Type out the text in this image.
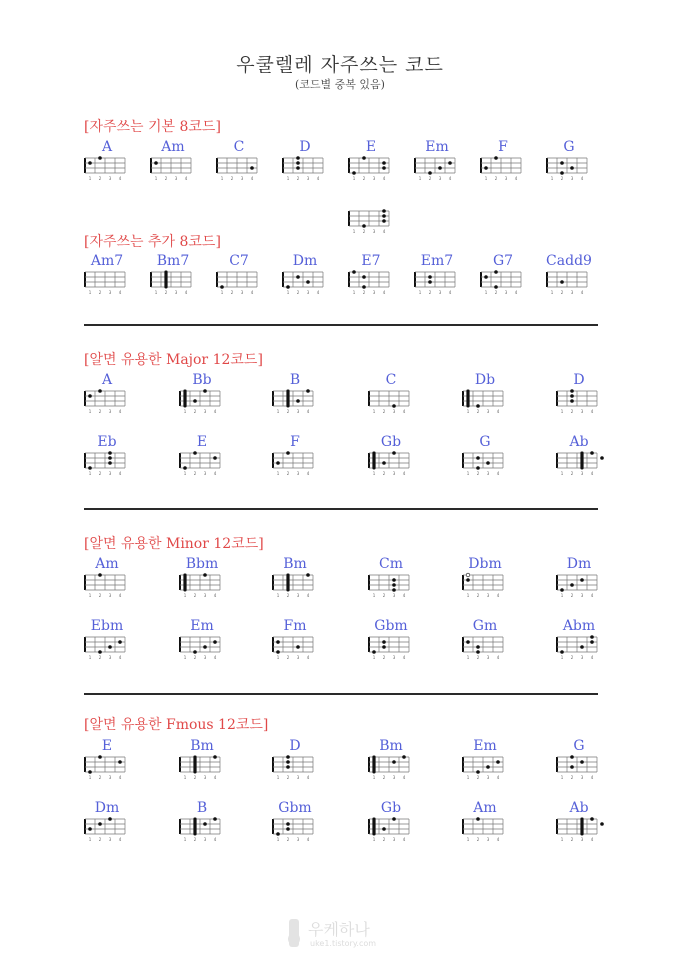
우쿨렐레 자주쓰는 코드
(코드별 중복 있음)
[자주쓰는 기본 8코드]
[자주쓰는 추가 8코드]
[알면 유용한 Major 12코드]
[알면 유용한 Minor 12코드]
[알면 유용한 Fmous 12코드]
A
1 2 3 4
Am
1 2 3 4
C
1 2 3 4
D
1 2 3 4
E
1 2 3 4
Em
1 2 3 4
F
1 2 3 4
G
1 2 3 4
1 2 3 4
Am7
1 2 3 4
Bm7
1 2 3 4
C7
1 2 3 4
Dm
1 2 3 4
E7
1 2 3 4
Em7
1 2 3 4
G7
1 2 3 4
Cadd9
1 2 3 4
A
1 2 3 4
Bb
1 2 3 4
B
1 2 3 4
C
1 2 3 4
Db
1 2 3 4
D
1 2 3 4
Eb
1 2 3 4
E
1 2 3 4
F
1 2 3 4
Gb
1 2 3 4
G
1 2 3 4
Ab
1 2 3 4
Am
1 2 3 4
Bbm
1 2 3 4
Bm
1 2 3 4
Cm
1 2 3 4
Dbm
1 2 3 4
Dm
1 2 3 4
Ebm
1 2 3 4
Em
1 2 3 4
Fm
1 2 3 4
Gbm
1 2 3 4
Gm
1 2 3 4
Abm
1 2 3 4
E
1 2 3 4
Bm
1 2 3 4
D
1 2 3 4
Bm
1 2 3 4
Em
1 2 3 4
G
1 2 3 4
Dm
1 2 3 4
B
1 2 3 4
Gbm
1 2 3 4
Gb
1 2 3 4
Am
1 2 3 4
Ab
1 2 3 4
우케하나
uke1.tistory.com
